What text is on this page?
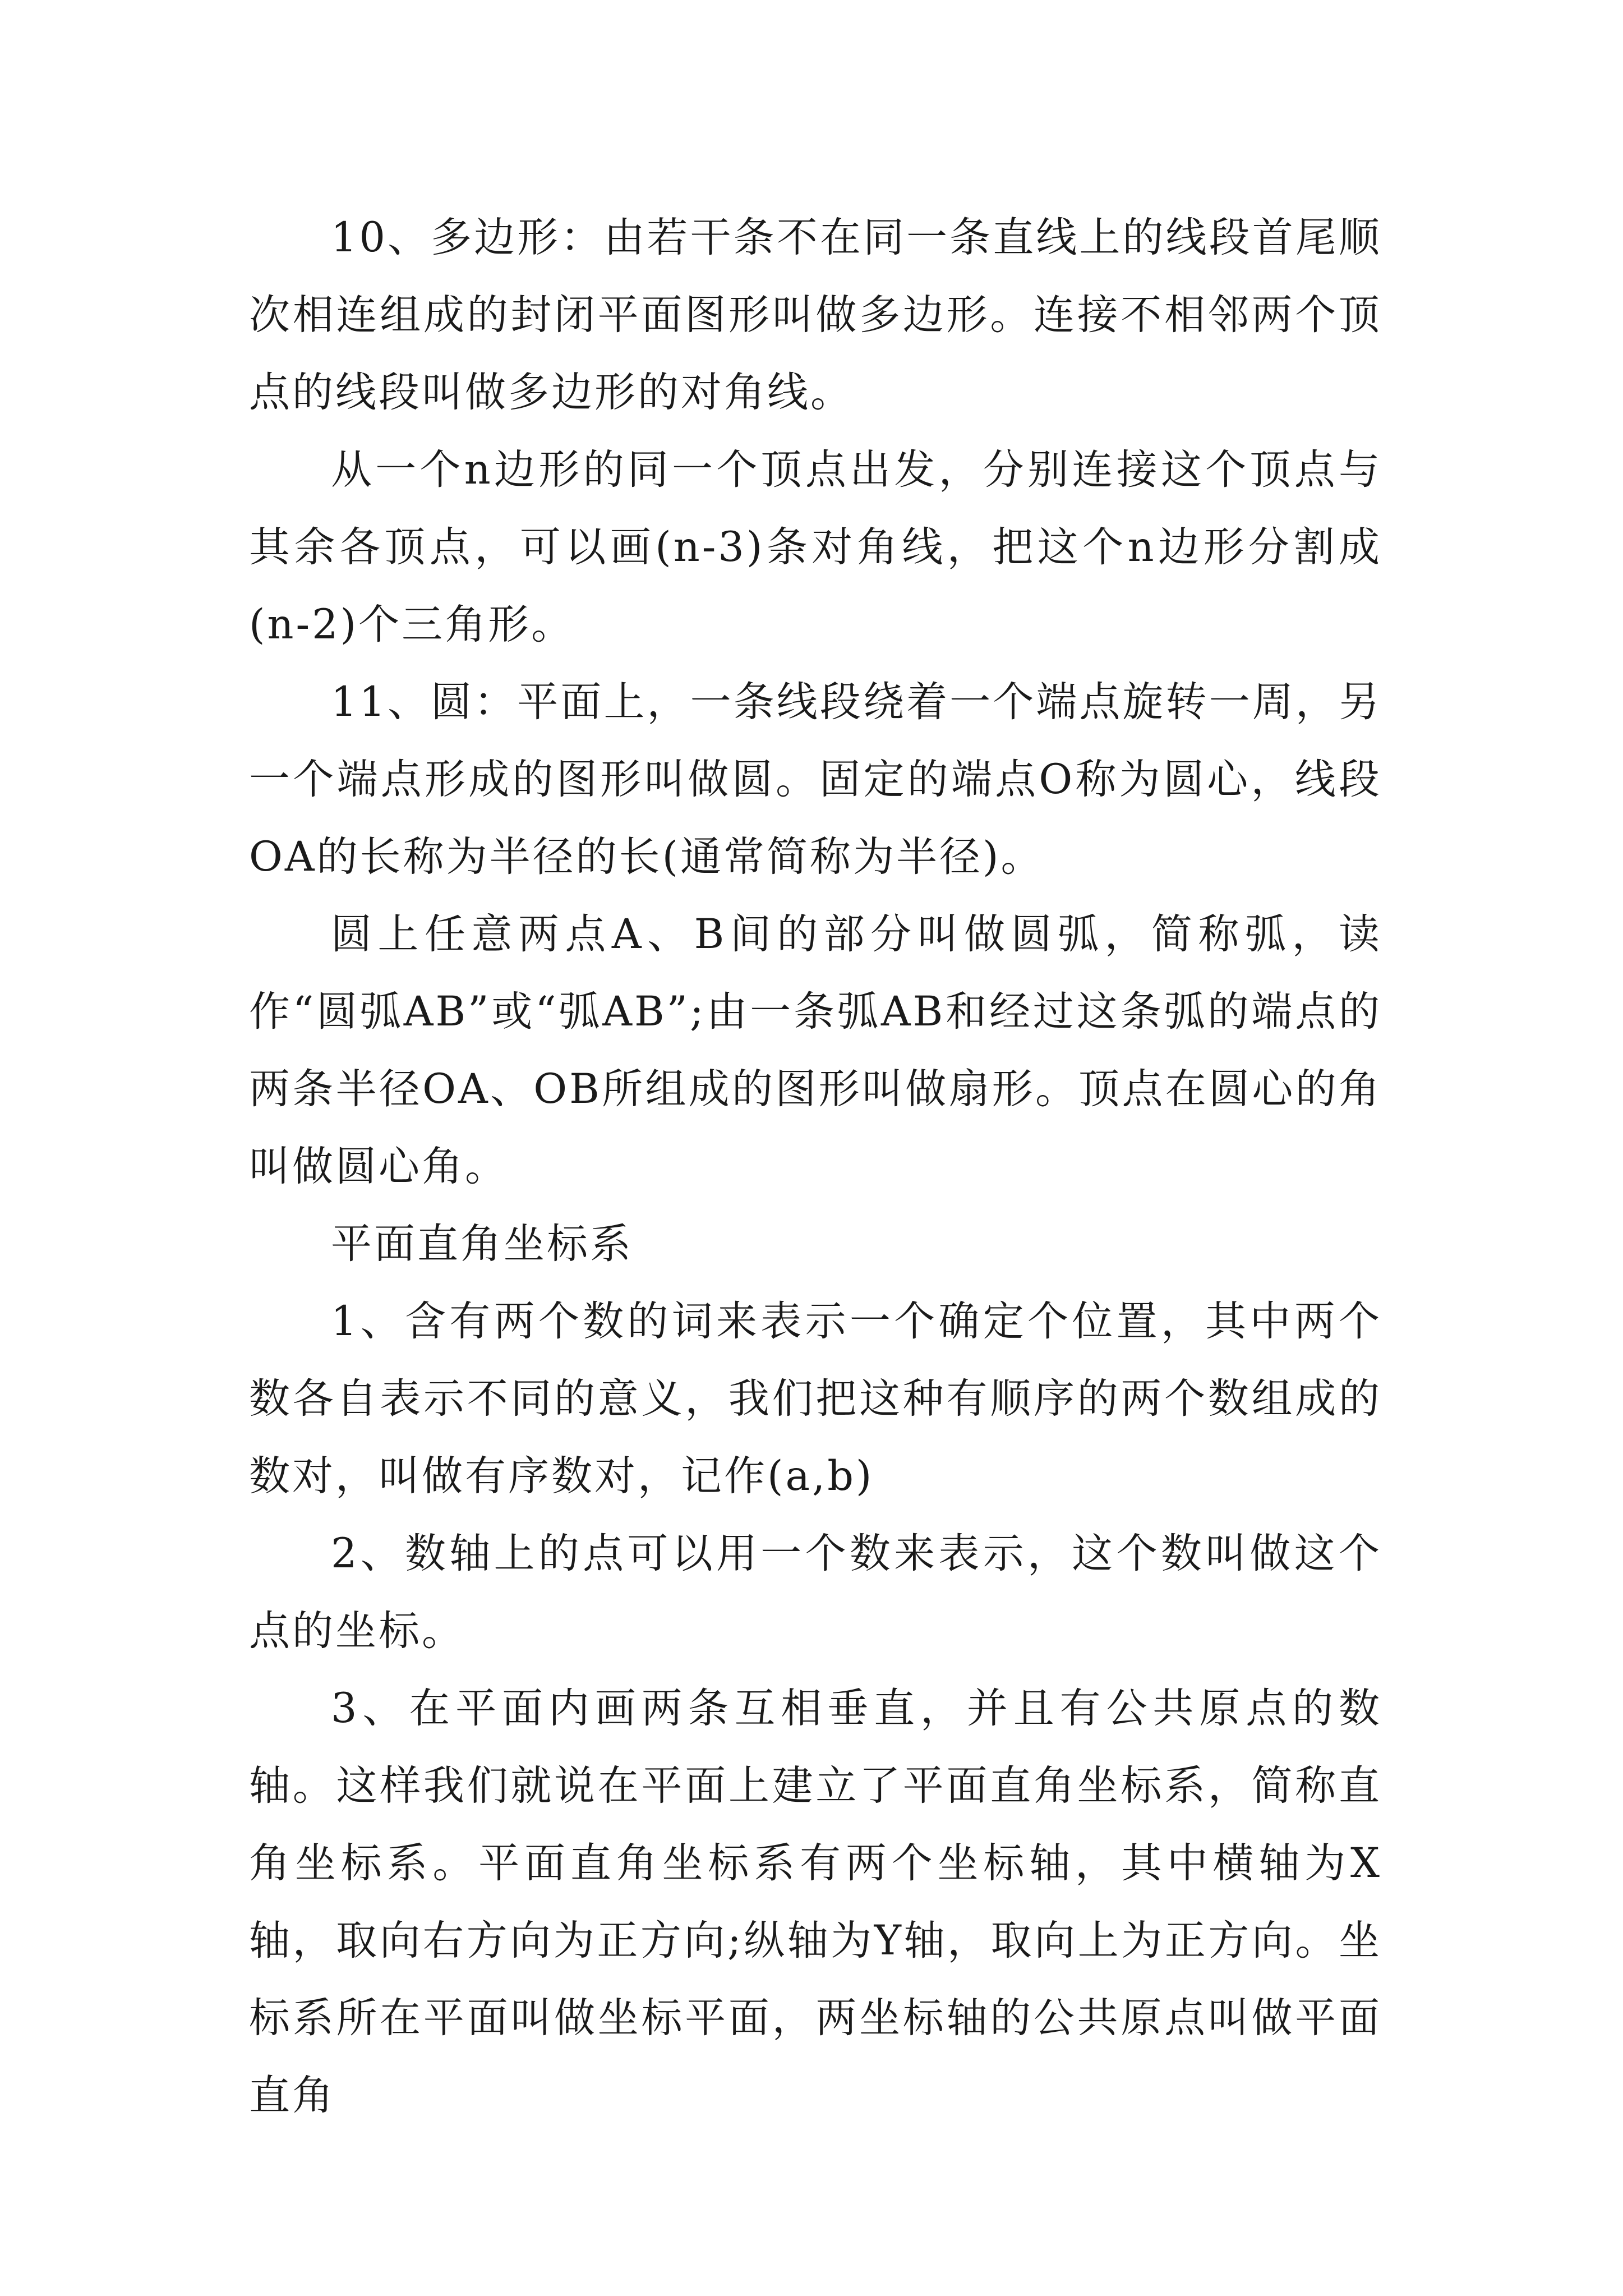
10、多边形：由若干条不在同一条直线上的线段首尾顺次相连组成的封闭平面图形叫做多边形。连接不相邻两个顶点的线段叫做多边形的对角线。

从一个n边形的同一个顶点出发，分别连接这个顶点与其余各顶点，可以画(n-3)条对角线，把这个n边形分割成(n-2)个三角形。

11、圆：平面上，一条线段绕着一个端点旋转一周，另一个端点形成的图形叫做圆。固定的端点O称为圆心，线段OA的长称为半径的长(通常简称为半径)。

圆上任意两点A、B间的部分叫做圆弧，简称弧，读作“圆弧AB”或“弧AB”;由一条弧AB和经过这条弧的端点的两条半径OA、OB所组成的图形叫做扇形。顶点在圆心的角叫做圆心角。

平面直角坐标系

1、含有两个数的词来表示一个确定个位置，其中两个数各自表示不同的意义，我们把这种有顺序的两个数组成的数对，叫做有序数对，记作(a,b)

2、数轴上的点可以用一个数来表示，这个数叫做这个点的坐标。

3、在平面内画两条互相垂直，并且有公共原点的数轴。这样我们就说在平面上建立了平面直角坐标系，简称直角坐标系。平面直角坐标系有两个坐标轴，其中横轴为X轴，取向右方向为正方向;纵轴为Y轴，取向上为正方向。坐标系所在平面叫做坐标平面，两坐标轴的公共原点叫做平面直角
